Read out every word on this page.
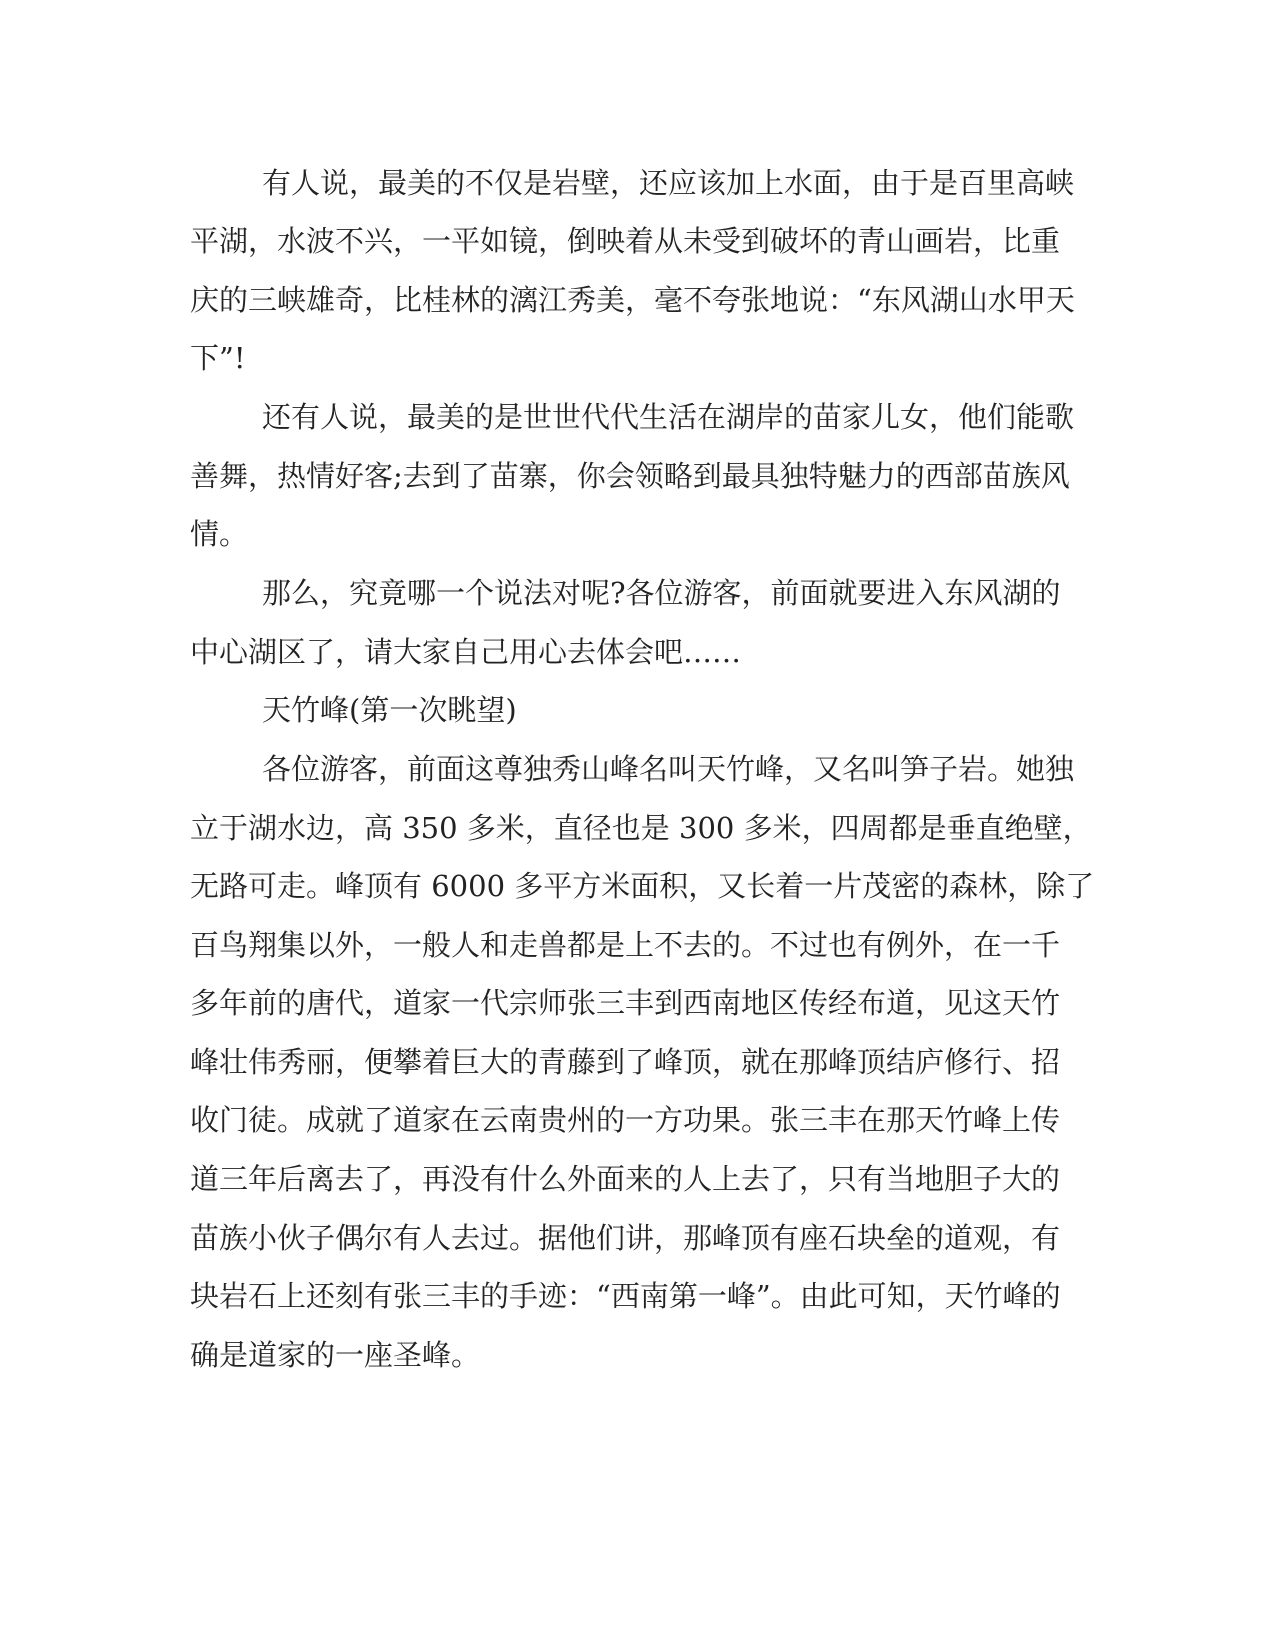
有人说，最美的不仅是岩壁，还应该加上水面，由于是百里高峡
平湖，水波不兴，一平如镜，倒映着从未受到破坏的青山画岩，比重
庆的三峡雄奇，比桂林的漓江秀美，毫不夸张地说：“东风湖山水甲天
下”!
还有人说，最美的是世世代代生活在湖岸的苗家儿女，他们能歌
善舞，热情好客;去到了苗寨，你会领略到最具独特魅力的西部苗族风
情。
那么，究竟哪一个说法对呢?各位游客，前面就要进入东风湖的
中心湖区了，请大家自己用心去体会吧……
天竹峰(第一次眺望)
各位游客，前面这尊独秀山峰名叫天竹峰，又名叫笋子岩。她独
立于湖水边，高 350 多米，直径也是 300 多米，四周都是垂直绝壁，
无路可走。峰顶有 6000 多平方米面积，又长着一片茂密的森林，除了
百鸟翔集以外，一般人和走兽都是上不去的。不过也有例外，在一千
多年前的唐代，道家一代宗师张三丰到西南地区传经布道，见这天竹
峰壮伟秀丽，便攀着巨大的青藤到了峰顶，就在那峰顶结庐修行、招
收门徒。成就了道家在云南贵州的一方功果。张三丰在那天竹峰上传
道三年后离去了，再没有什么外面来的人上去了，只有当地胆子大的
苗族小伙子偶尔有人去过。据他们讲，那峰顶有座石块垒的道观，有
块岩石上还刻有张三丰的手迹：“西南第一峰”。由此可知，天竹峰的
确是道家的一座圣峰。
